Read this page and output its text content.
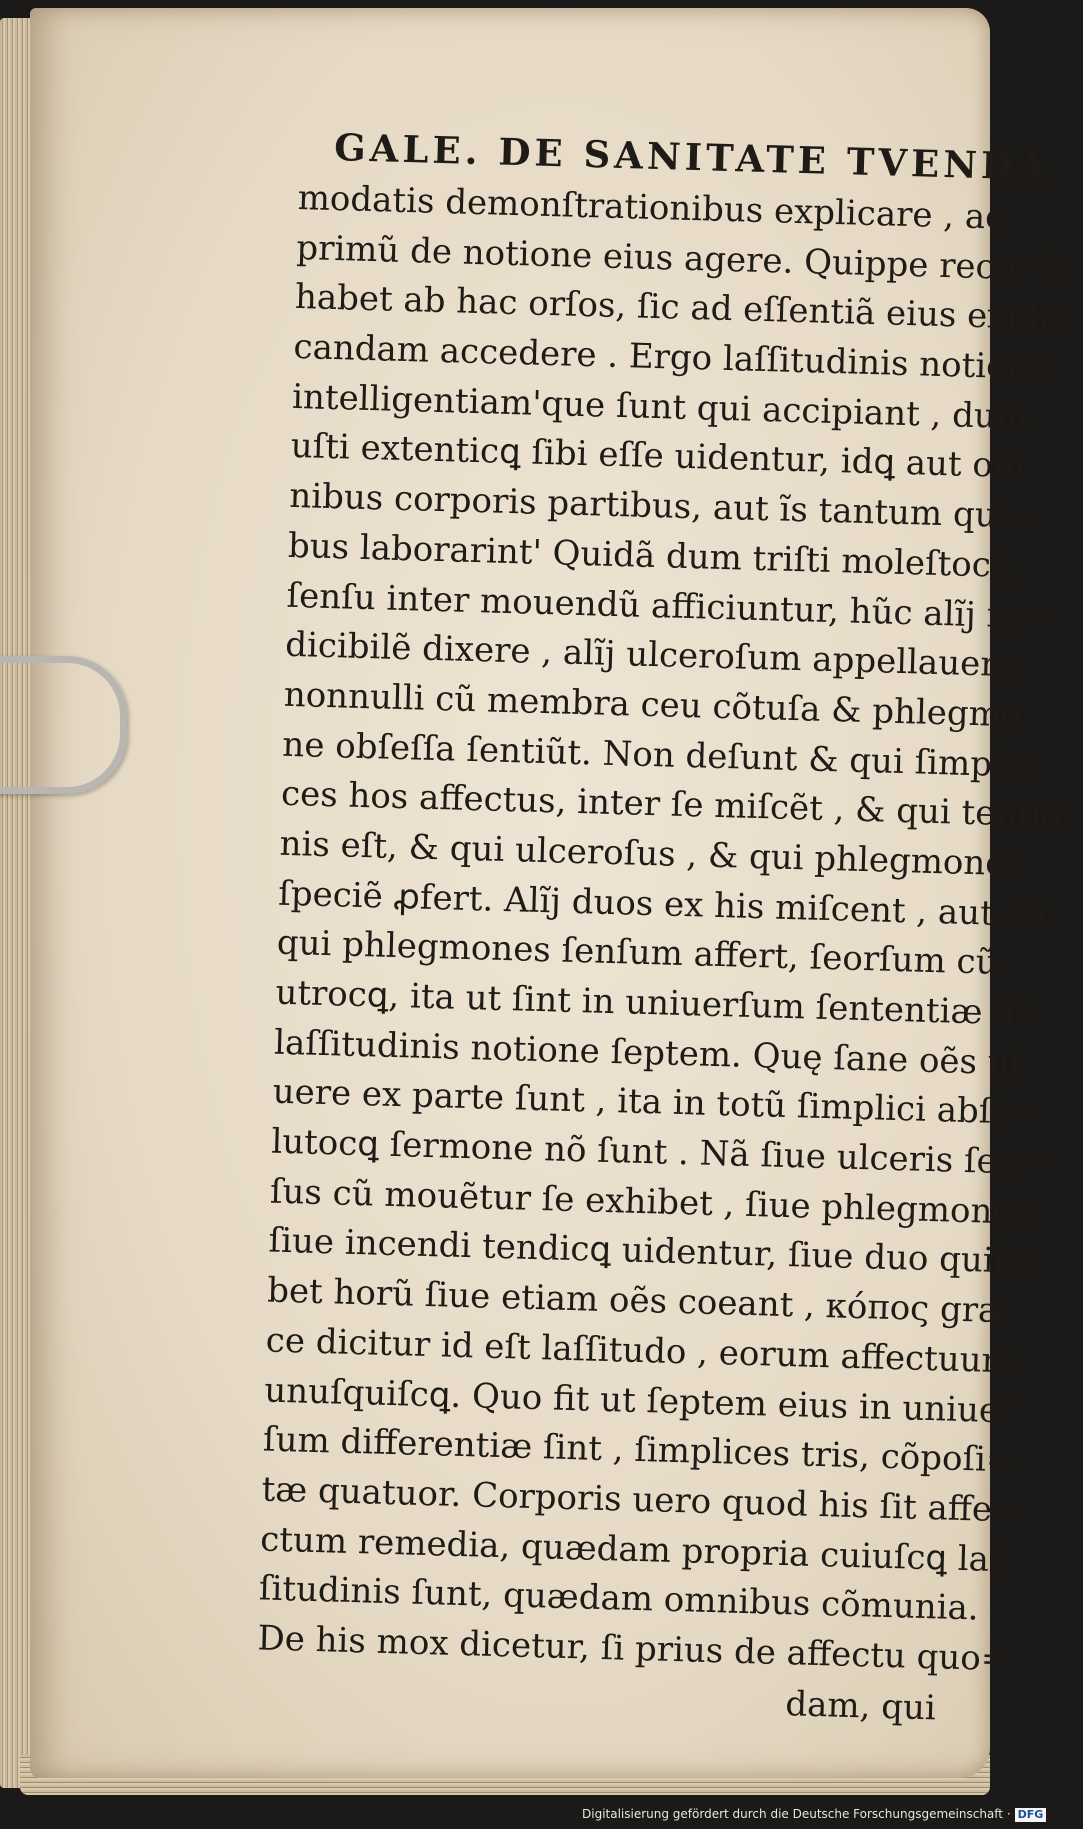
GALE. DE SANITATE TVENDA
modatis demonſtrationibus explicare , ac
primũ de notione eius agere. Quippe recte ſe
habet ab hac orſos, ſic ad eſſentiã eius expli=
candam accedere . Ergo laſſitudinis notionẽ
intelligentiam'que ſunt qui accipiant , dum
uſti extenticꝗ ſibi eſſe uidentur, idꝗ aut om
nibus corporis partibus, aut ĩs tantum qui=
bus laborarint' Quidã dum triſti moleſtocꝗ
ſenſu inter mouendũ afficiuntur, hũc alĩj in=
dicibilẽ dixere , alĩj ulceroſum appellauere,
nonnulli cũ membra ceu cõtuſa & phlegmo
ne obſeſſa ſentiũt. Non deſunt & qui ſimpli=
ces hos affectus, inter ſe miſcẽt , & qui tenſio
nis eſt, & qui ulceroſus , & qui phlegmones
ſpeciẽ ꝓfert. Alĩj duos ex his miſcent , aut eũ
qui phlegmones ſenſum affert, ſeorſum cũ
utrocꝗ, ita ut ſint in uniuerſum ſententiæ de
laſſitudinis notione ſeptem. Quę ſane oẽs ut
uere ex parte ſunt , ita in totũ ſimplici abſo=
lutocꝗ ſermone nõ ſunt . Nã ſiue ulceris ſen=
ſus cũ mouẽtur ſe exhibet , ſiue phlegmones
ſiue incendi tendicꝗ uidentur, ſiue duo quili=
bet horũ ſiue etiam oẽs coeant , κόπος græ
ce dicitur id eſt laſſitudo , eorum affectuum
unuſquiſcꝗ. Quo fit ut ſeptem eius in uniuer
ſum differentiæ ſint , ſimplices tris, cõpoſi=
tæ quatuor. Corporis uero quod his ſit affe=
ctum remedia, quædam propria cuiuſcꝗ laſ
ſitudinis ſunt, quædam omnibus cõmunia.
De his mox dicetur, ſi prius de affectu quo=
dam, qui
Digitalisierung gefördert durch die Deutsche Forschungsgemeinschaft · DFG
